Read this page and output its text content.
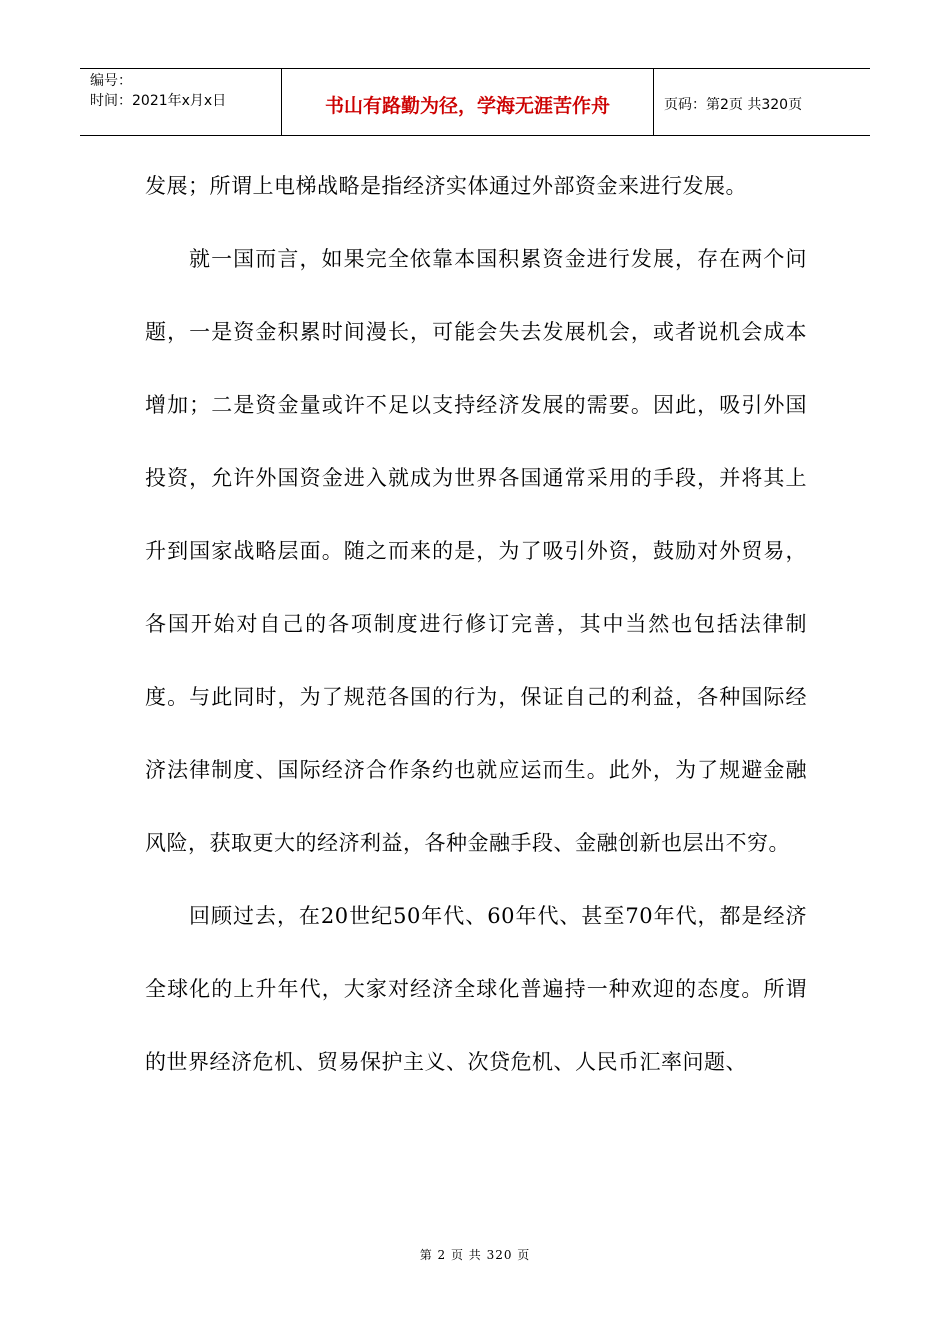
编号：
时间：2021年x月x日	书山有路勤为径，学海无涯苦作舟	页码：第2页 共320页

发展；所谓上电梯战略是指经济实体通过外部资金来进行发展。

就一国而言，如果完全依靠本国积累资金进行发展，存在两个问题，一是资金积累时间漫长，可能会失去发展机会，或者说机会成本增加；二是资金量或许不足以支持经济发展的需要。因此，吸引外国投资，允许外国资金进入就成为世界各国通常采用的手段，并将其上升到国家战略层面。随之而来的是，为了吸引外资，鼓励对外贸易，各国开始对自己的各项制度进行修订完善，其中当然也包括法律制度。与此同时，为了规范各国的行为，保证自己的利益，各种国际经济法律制度、国际经济合作条约也就应运而生。此外，为了规避金融风险，获取更大的经济利益，各种金融手段、金融创新也层出不穷。

回顾过去，在20世纪50年代、60年代、甚至70年代，都是经济全球化的上升年代，大家对经济全球化普遍持一种欢迎的态度。所谓的世界经济危机、贸易保护主义、次贷危机、人民币汇率问题、

第 2 页 共 320 页
